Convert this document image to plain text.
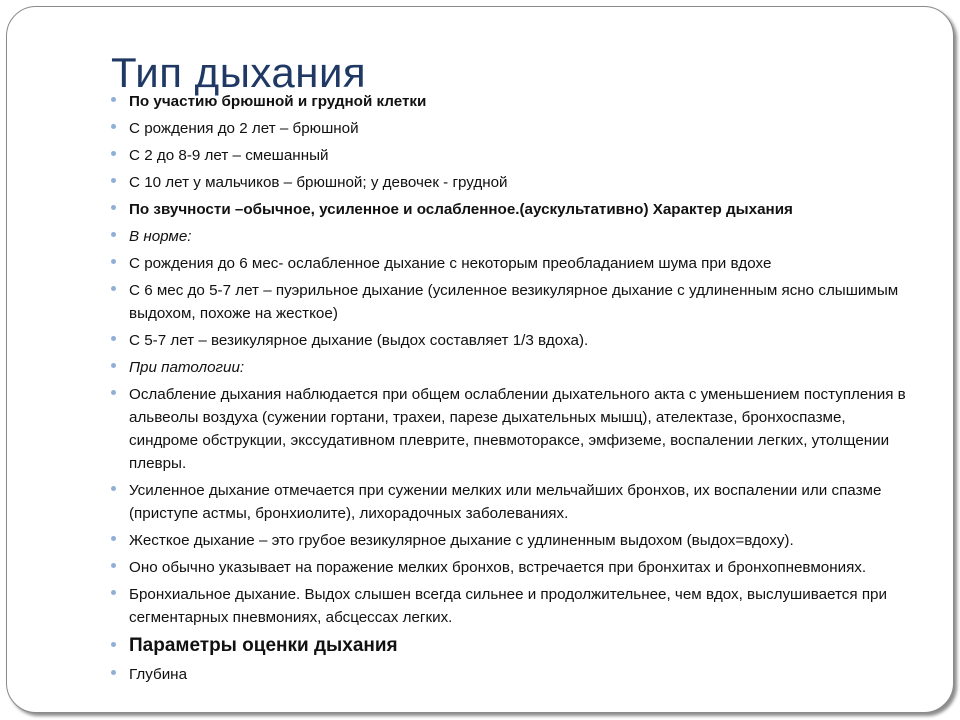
Тип дыхания
По участию брюшной и грудной клетки
С рождения до 2 лет – брюшной
С 2 до 8-9 лет – смешанный
С 10 лет у мальчиков – брюшной; у девочек - грудной
По звучности –обычное, усиленное и ослабленное.(аускультативно) Характер дыхания
В норме:
С рождения до 6 мес- ослабленное дыхание с некоторым преобладанием шума при вдохе
С 6 мес до 5-7 лет – пуэрильное дыхание (усиленное везикулярное дыхание с удлиненным ясно слышимым выдохом, похоже на жесткое)
С 5-7 лет – везикулярное дыхание (выдох составляет 1/3 вдоха).
При патологии:
Ослабление дыхания наблюдается при общем ослаблении дыхательного акта с уменьшением поступления в альвеолы воздуха (сужении гортани, трахеи, парезе дыхательных мышц), ателектазе, бронхоспазме, синдроме обструкции, экссудативном плеврите, пневмотораксе, эмфиземе, воспалении легких, утолщении плевры.
Усиленное дыхание отмечается при сужении мелких или мельчайших бронхов, их воспалении или спазме (приступе астмы, бронхиолите), лихорадочных заболеваниях.
Жесткое дыхание – это грубое везикулярное дыхание с удлиненным выдохом (выдох=вдоху).
Оно обычно указывает на поражение мелких бронхов, встречается при бронхитах и бронхопневмониях.
Бронхиальное дыхание. Выдох слышен всегда сильнее и продолжительнее, чем вдох, выслушивается при сегментарных пневмониях, абсцессах легких.
Параметры оценки дыхания
Глубина
